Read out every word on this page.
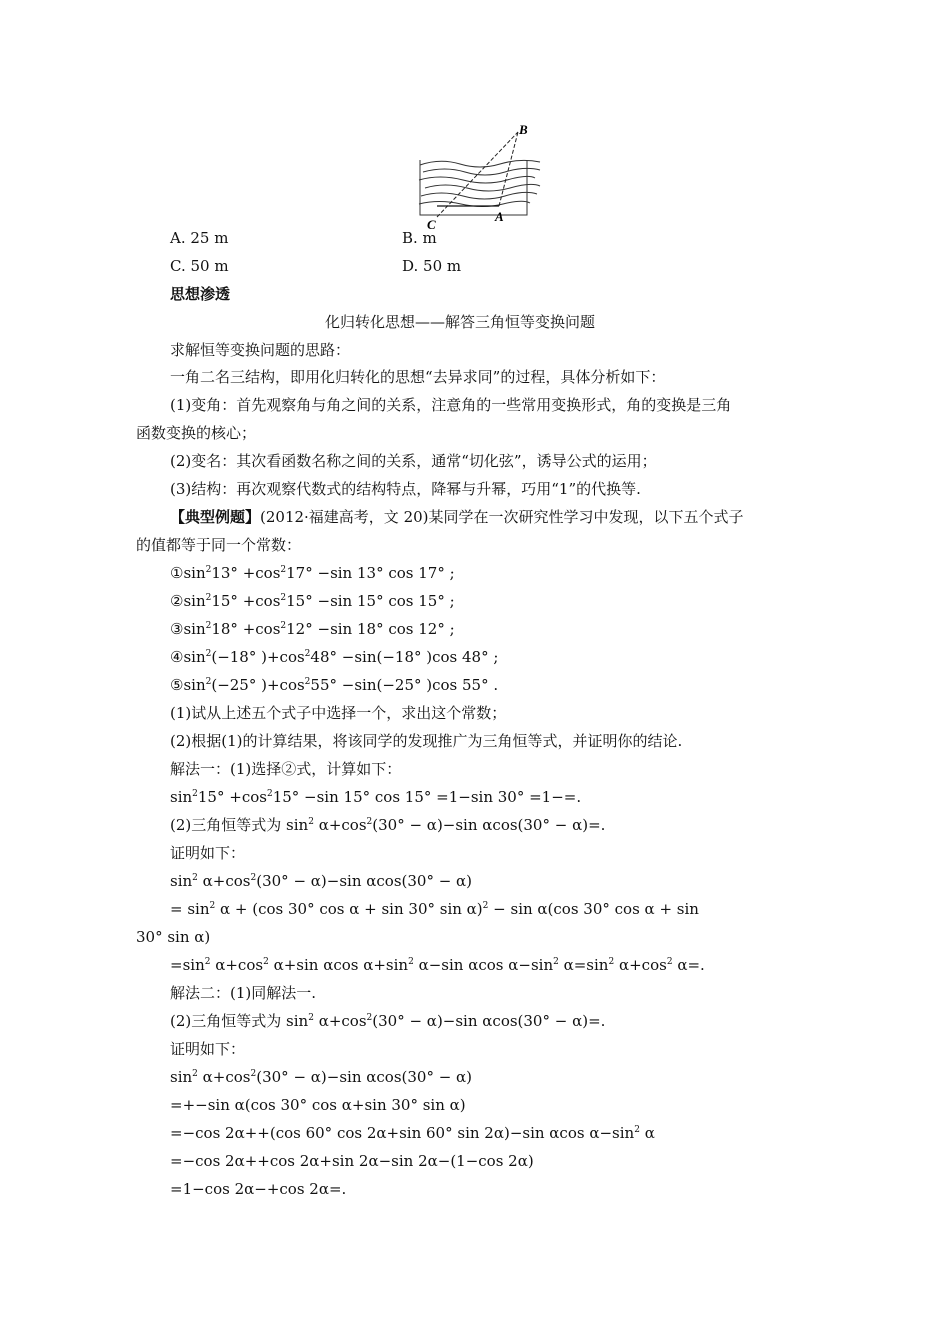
B
A
C
A. 25 m	B. m
C. 50 m	D. 50 m
思想渗透
化归转化思想——解答三角恒等变换问题
求解恒等变换问题的思路：
一角二名三结构，即用化归转化的思想“去异求同”的过程，具体分析如下：
(1)变角：首先观察角与角之间的关系，注意角的一些常用变换形式，角的变换是三角
函数变换的核心；
(2)变名：其次看函数名称之间的关系，通常“切化弦”，诱导公式的运用；
(3)结构：再次观察代数式的结构特点，降幂与升幂，巧用“1”的代换等.
【典型例题】(2012·福建高考，文 20)某同学在一次研究性学习中发现，以下五个式子
的值都等于同一个常数：
$①\sin^213^\circ +\cos^217^\circ -\sin$ 13° cos 17° ;
$②\sin^215^\circ +\cos^215^\circ -\sin$ 15° cos 15° ;
$③\sin^218^\circ +\cos^212^\circ -\sin$ 18° cos 12° ;
$④\sin^2(-18^\circ$ )$+\cos^248^\circ -\sin(-18^\circ$ )cos 48° ;
$⑤\sin^2(-25^\circ$ )$+\cos^255^\circ -\sin(-25^\circ$ )cos 55° .
(1)试从上述五个式子中选择一个，求出这个常数；
(2)根据(1)的计算结果，将该同学的发现推广为三角恒等式，并证明你的结论.
解法一：(1)选择②式，计算如下：
$\sin^215^\circ +\cos^215^\circ -\sin$ 15° cos 15° =1−sin 30° =1−=.
(2)三角恒等式为 $\sin^2 \alpha+\cos^2(30^\circ - \alpha)-\sin$ αcos(30° − α)=.
证明如下：
$\sin^2 \alpha+\cos^2(30^\circ - \alpha)-\sin$ αcos(30° − α)
= $\sin^2 \alpha + (\cos$ 30° cos α + sin 30° sin α)$^2$ − sin α(cos 30° cos α + sin
30° sin α)
$=\sin^2$ $\alpha+\cos^2$ α+sin αcos $\alpha+\sin^2$ α−sin αcos $\alpha-\sin^2$ $\alpha=\sin^2$ $\alpha+\cos^2$ α=.
解法二：(1)同解法一.
(2)三角恒等式为 $\sin^2 \alpha+\cos^2(30^\circ - \alpha)-\sin$ αcos(30° − α)=.
证明如下：
$\sin^2 \alpha+\cos^2(30^\circ - \alpha)-\sin$ αcos(30° − α)
=+−sin α(cos 30° cos α+sin 30° sin α)
=−cos 2α++(cos 60° cos 2α+sin 60° sin 2α)−sin αcos $\alpha-\sin^2$ α
=−cos 2α++cos 2α+sin 2α−sin 2α−(1−cos 2α)
=1−cos 2α−+cos 2α=.
